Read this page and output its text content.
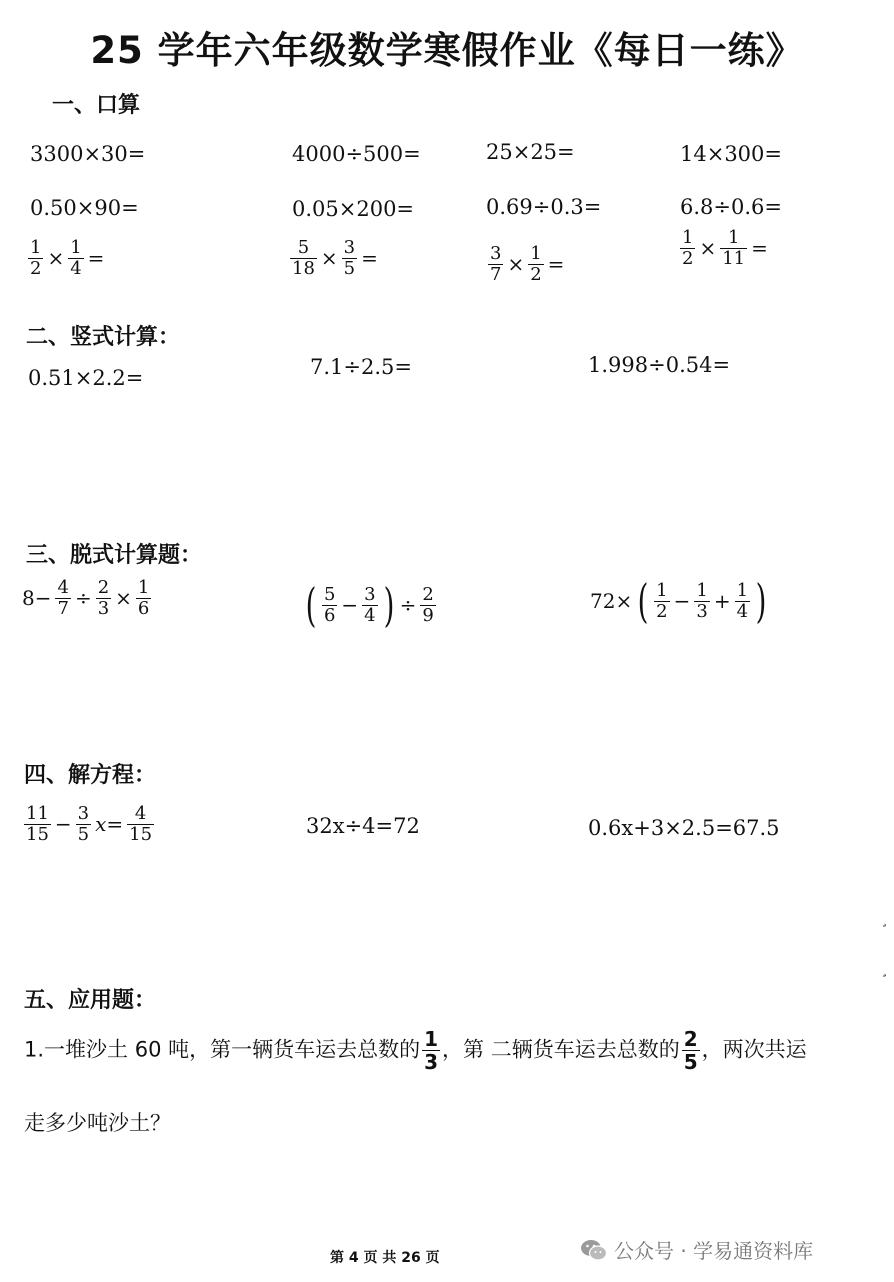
25 学年六年级数学寒假作业《每日一练》
一、口算
3300×30=	4000÷500=	25×25=	14×300=
0.50×90=	0.05×200=	0.69÷0.3=	6.8÷0.6=
$\frac{1}{2} \times \frac{1}{4}$ =	$\frac{5}{18} \times \frac{3}{5}$ =	$\frac{3}{7} \times \frac{1}{2}$ =	$\frac{1}{2} \times \frac{1}{11}$ =
二、竖式计算：
0.51×2.2=	7.1÷2.5=	1.998÷0.54=
三、脱式计算题：
$8- \frac{4}{7} \div \frac{2}{3} \times \frac{1}{6}$	( $\frac{5}{6} - \frac{3}{4}$ ) ÷ $\frac{2}{9}$	72× ( $\frac{1}{2} - \frac{1}{3} + \frac{1}{4}$ )
四、解方程：
$\frac{11}{15} - \frac{3}{5} x= \frac{4}{15}$	32x÷4=72	0.6x+3×2.5=67.5
五、应用题：
1.一堆沙土 60 吨，第一辆货车运去总数的 $\frac{1}{3}$ ，第 二辆货车运去总数的 $\frac{2}{5}$ ，两次共运
走多少吨沙土？
¸
¸
第 4 页 共 26 页	公众号 · 学易通资料库
